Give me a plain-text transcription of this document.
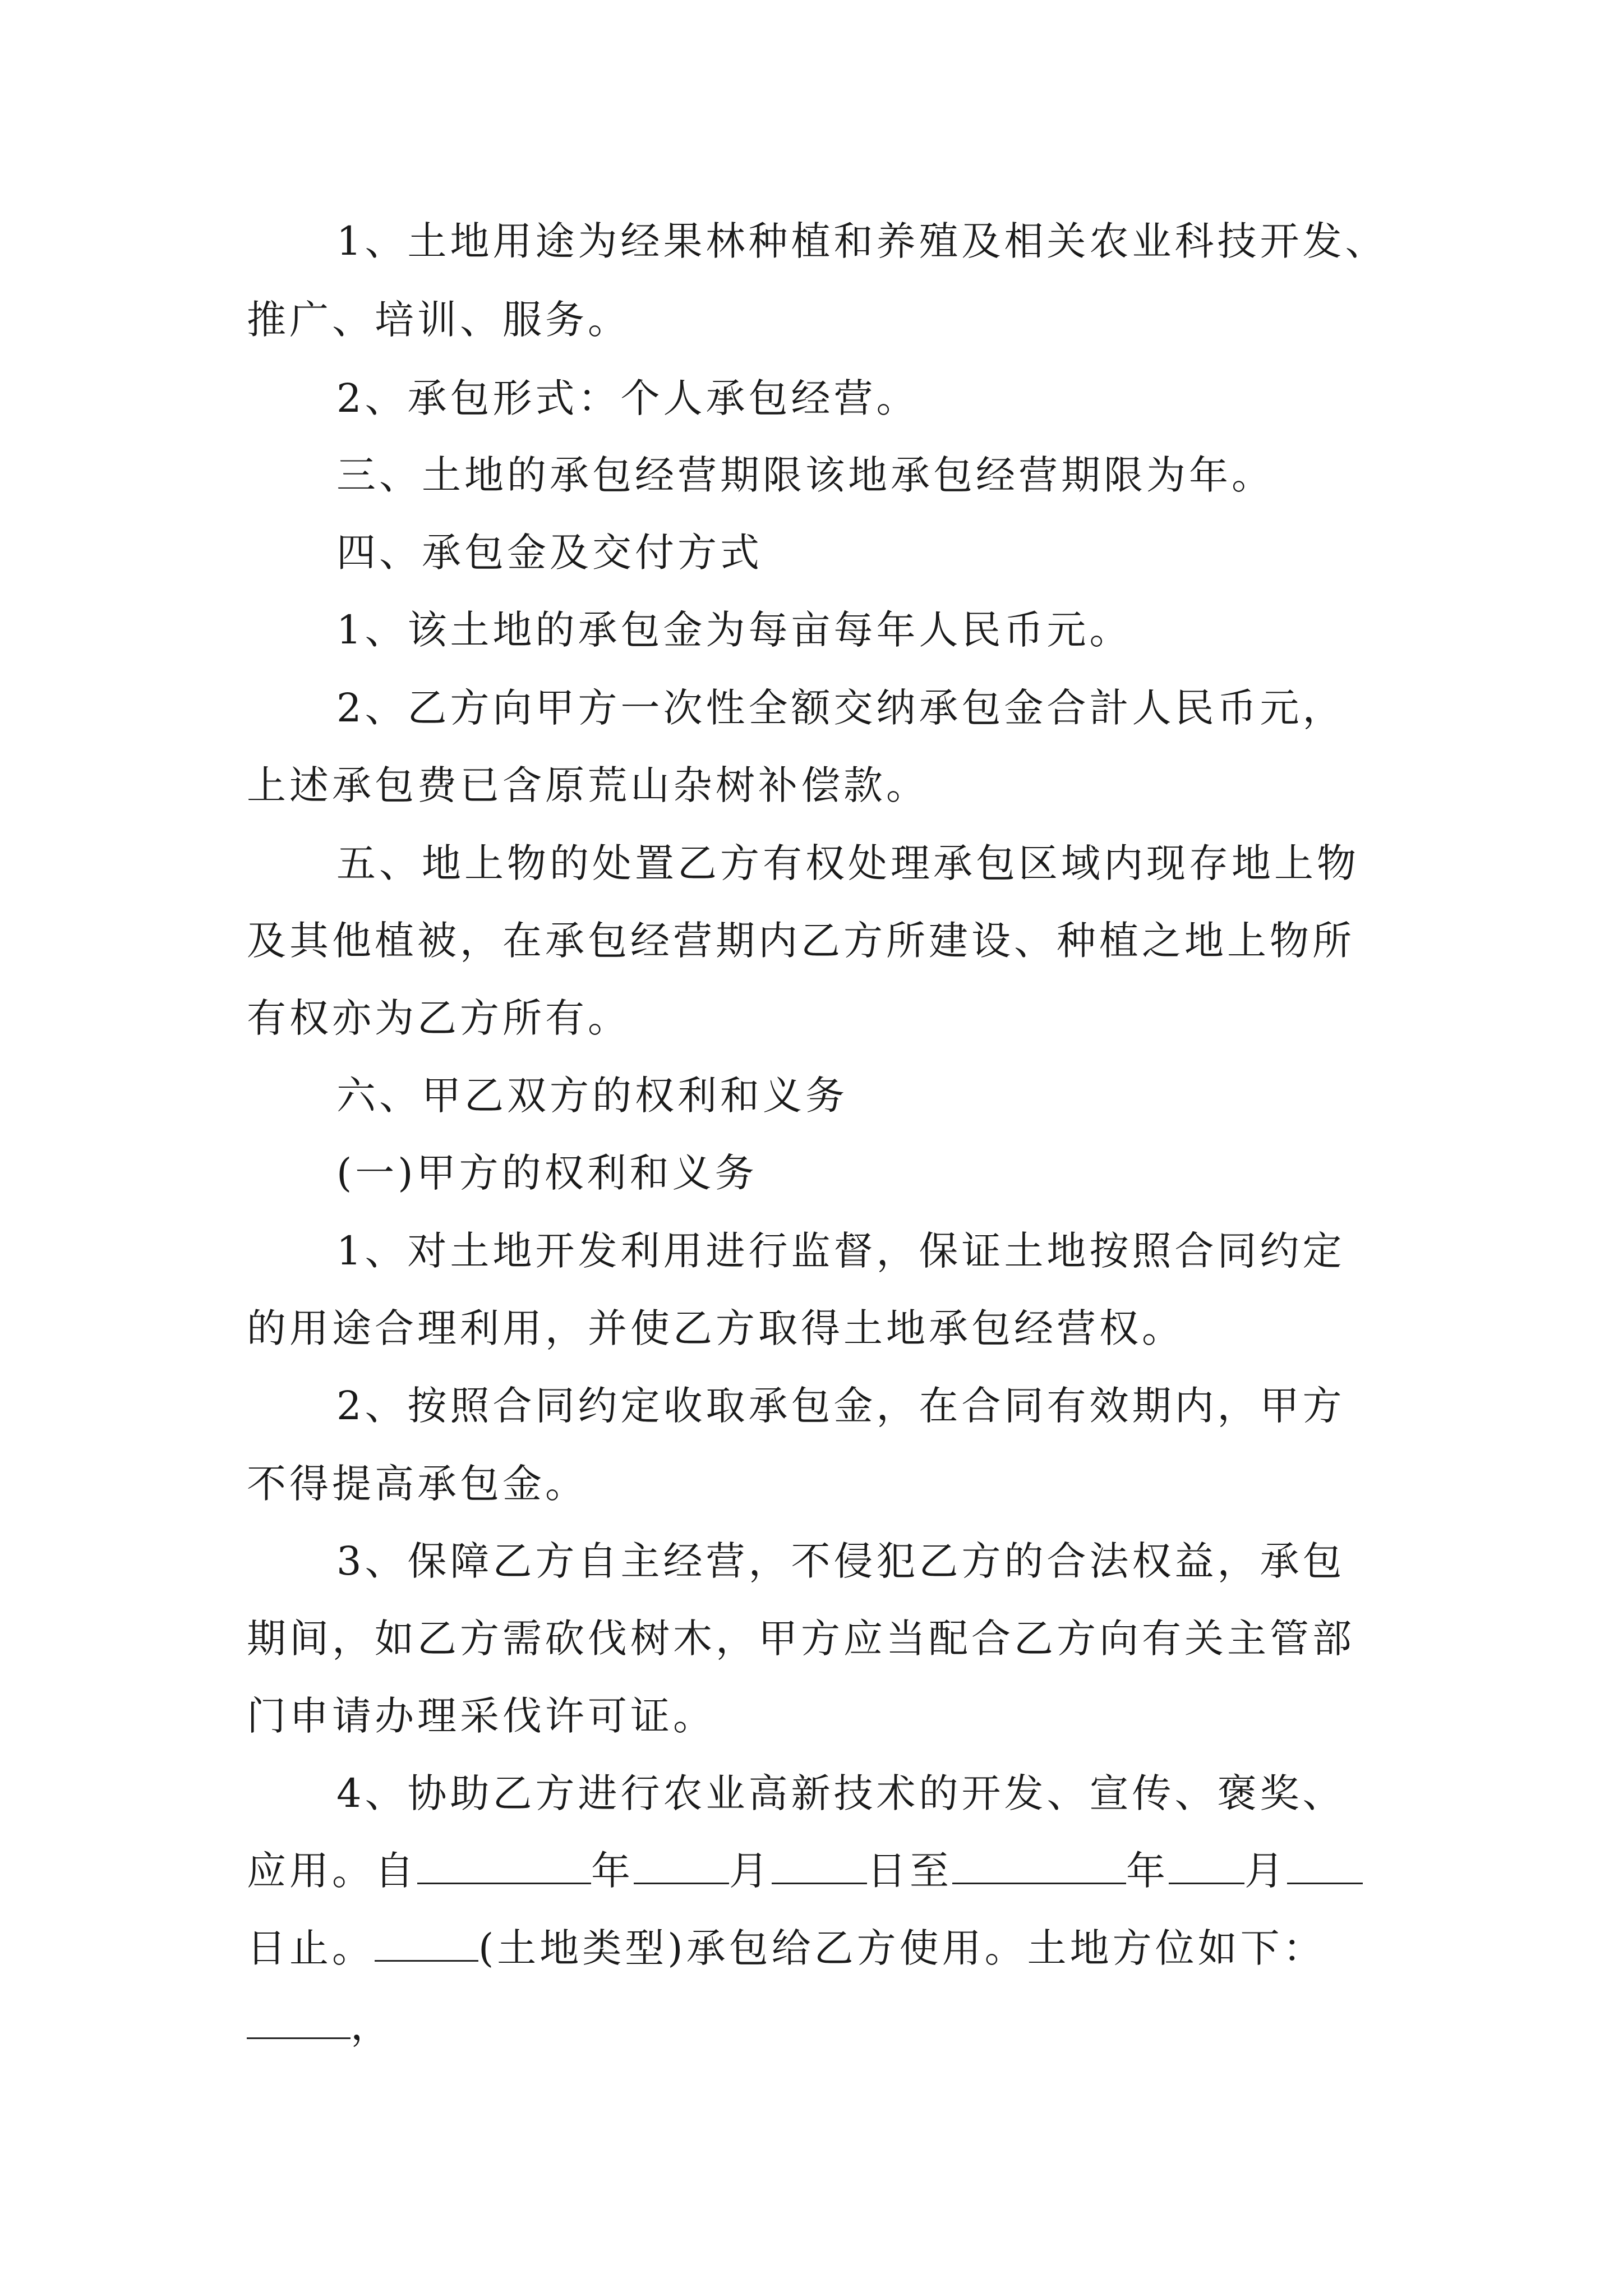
1、土地用途为经果林种植和养殖及相关农业科技开发、
推广、培训、服务。
2、承包形式：个人承包经营。
三、土地的承包经营期限该地承包经营期限为年。
四、承包金及交付方式
1、该土地的承包金为每亩每年人民币元。
2、乙方向甲方一次性全额交纳承包金合計人民币元，
上述承包费已含原荒山杂树补偿款。
五、地上物的处置乙方有权处理承包区域内现存地上物
及其他植被，在承包经营期内乙方所建设、种植之地上物所
有权亦为乙方所有。
六、甲乙双方的权利和义务
(一)甲方的权利和义务
1、对土地开发利用进行监督，保证土地按照合同约定
的用途合理利用，并使乙方取得土地承包经营权。
2、按照合同约定收取承包金，在合同有效期内，甲方
不得提高承包金。
3、保障乙方自主经营，不侵犯乙方的合法权益，承包
期间，如乙方需砍伐树木，甲方应当配合乙方向有关主管部
门申请办理采伐许可证。
4、协助乙方进行农业高新技术的开发、宣传、褒奖、
应用。自	年 月 日至	年 月
日止。	(土地类型)承包给乙方使用。土地方位如下：
，
